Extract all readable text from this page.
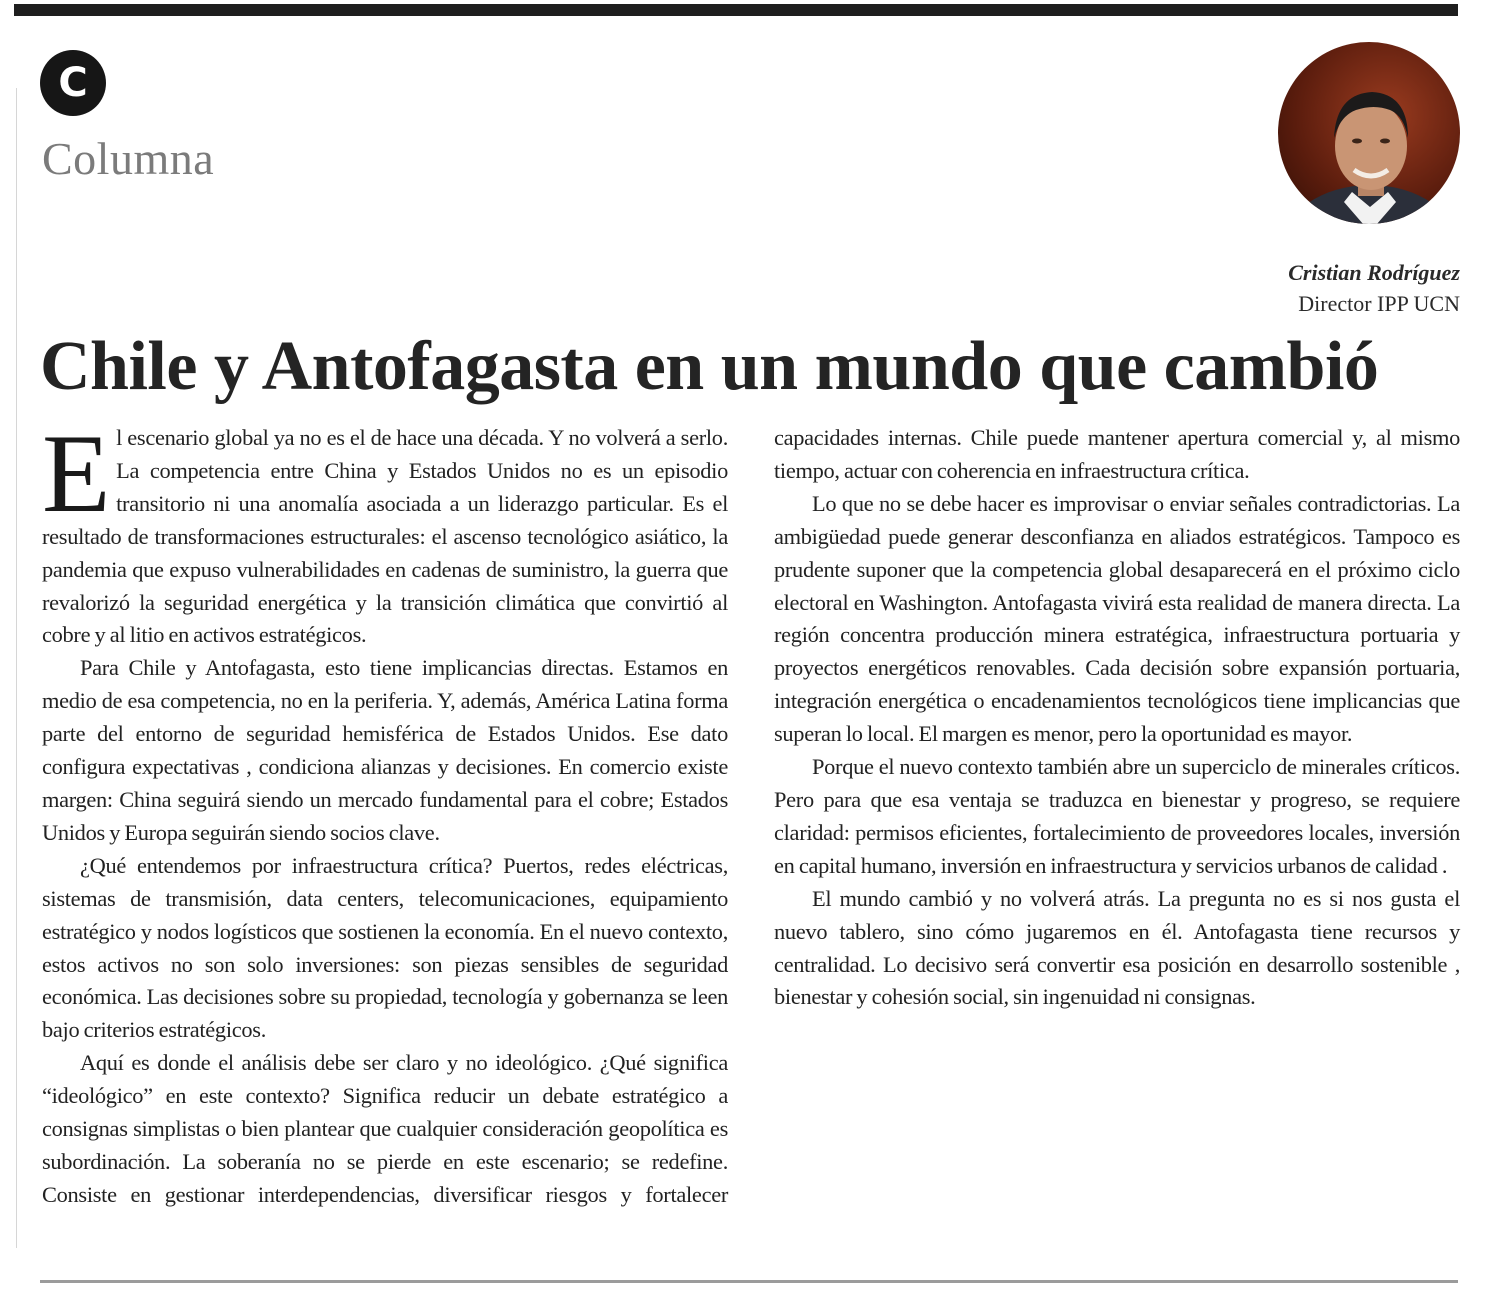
C
Columna
Cristian Rodríguez
Director IPP UCN
Chile y Antofagasta en un mundo que cambió

El escenario global ya no es el de hace una década. Y no volverá a serlo. La competencia entre China y Estados Unidos no es un episodio transitorio ni una anomalía asociada a un liderazgo particular. Es el resultado de transformaciones estructurales: el ascenso tecnológico asiático, la pandemia que expuso vulnerabilidades en cadenas de suministro, la guerra que revalorizó la seguridad energética y la transición climática que convirtió al cobre y al litio en activos estratégicos.

Para Chile y Antofagasta, esto tiene implicancias directas. Estamos en medio de esa competencia, no en la periferia. Y, además, América Latina forma parte del entorno de seguridad hemisférica de Estados Unidos. Ese dato configura expectativas , condiciona alianzas y decisiones. En comercio existe margen: China seguirá siendo un mercado fundamental para el cobre; Estados Unidos y Europa seguirán siendo socios clave.

¿Qué entendemos por infraestructura crítica? Puertos, redes eléctricas, sistemas de transmisión, data centers, telecomunicaciones, equipamiento estratégico y nodos logísticos que sostienen la economía. En el nuevo contexto, estos activos no son solo inversiones: son piezas sensibles de seguridad económica. Las decisiones sobre su propiedad, tecnología y gobernanza se leen bajo criterios estratégicos.

Aquí es donde el análisis debe ser claro y no ideológico. ¿Qué significa “ideológico” en este contexto? Significa reducir un debate estratégico a consignas simplistas o bien plantear que cualquier consideración geopolítica es subordinación. La soberanía no se pierde en este escenario; se redefine. Consiste en gestionar interdependencias, diversificar riesgos y fortalecer capacidades internas. Chile puede mantener apertura comercial y, al mismo tiempo, actuar con coherencia en infraestructura crítica.

Lo que no se debe hacer es improvisar o enviar señales contradictorias. La ambigüedad puede generar desconfianza en aliados estratégicos. Tampoco es prudente suponer que la competencia global desaparecerá en el próximo ciclo electoral en Washington. Antofagasta vivirá esta realidad de manera directa. La región concentra producción minera estratégica, infraestructura portuaria y proyectos energéticos renovables. Cada decisión sobre expansión portuaria, integración energética o encadenamientos tecnológicos tiene implicancias que superan lo local. El margen es menor, pero la oportunidad es mayor.

Porque el nuevo contexto también abre un superciclo de minerales críticos. Pero para que esa ventaja se traduzca en bienestar y progreso, se requiere claridad: permisos eficientes, fortalecimiento de proveedores locales, inversión en capital humano, inversión en infraestructura y servicios urbanos de calidad .

El mundo cambió y no volverá atrás. La pregunta no es si nos gusta el nuevo tablero, sino cómo jugaremos en él. Antofagasta tiene recursos y centralidad. Lo decisivo será convertir esa posición en desarrollo sostenible , bienestar y cohesión social, sin ingenuidad ni consignas.
